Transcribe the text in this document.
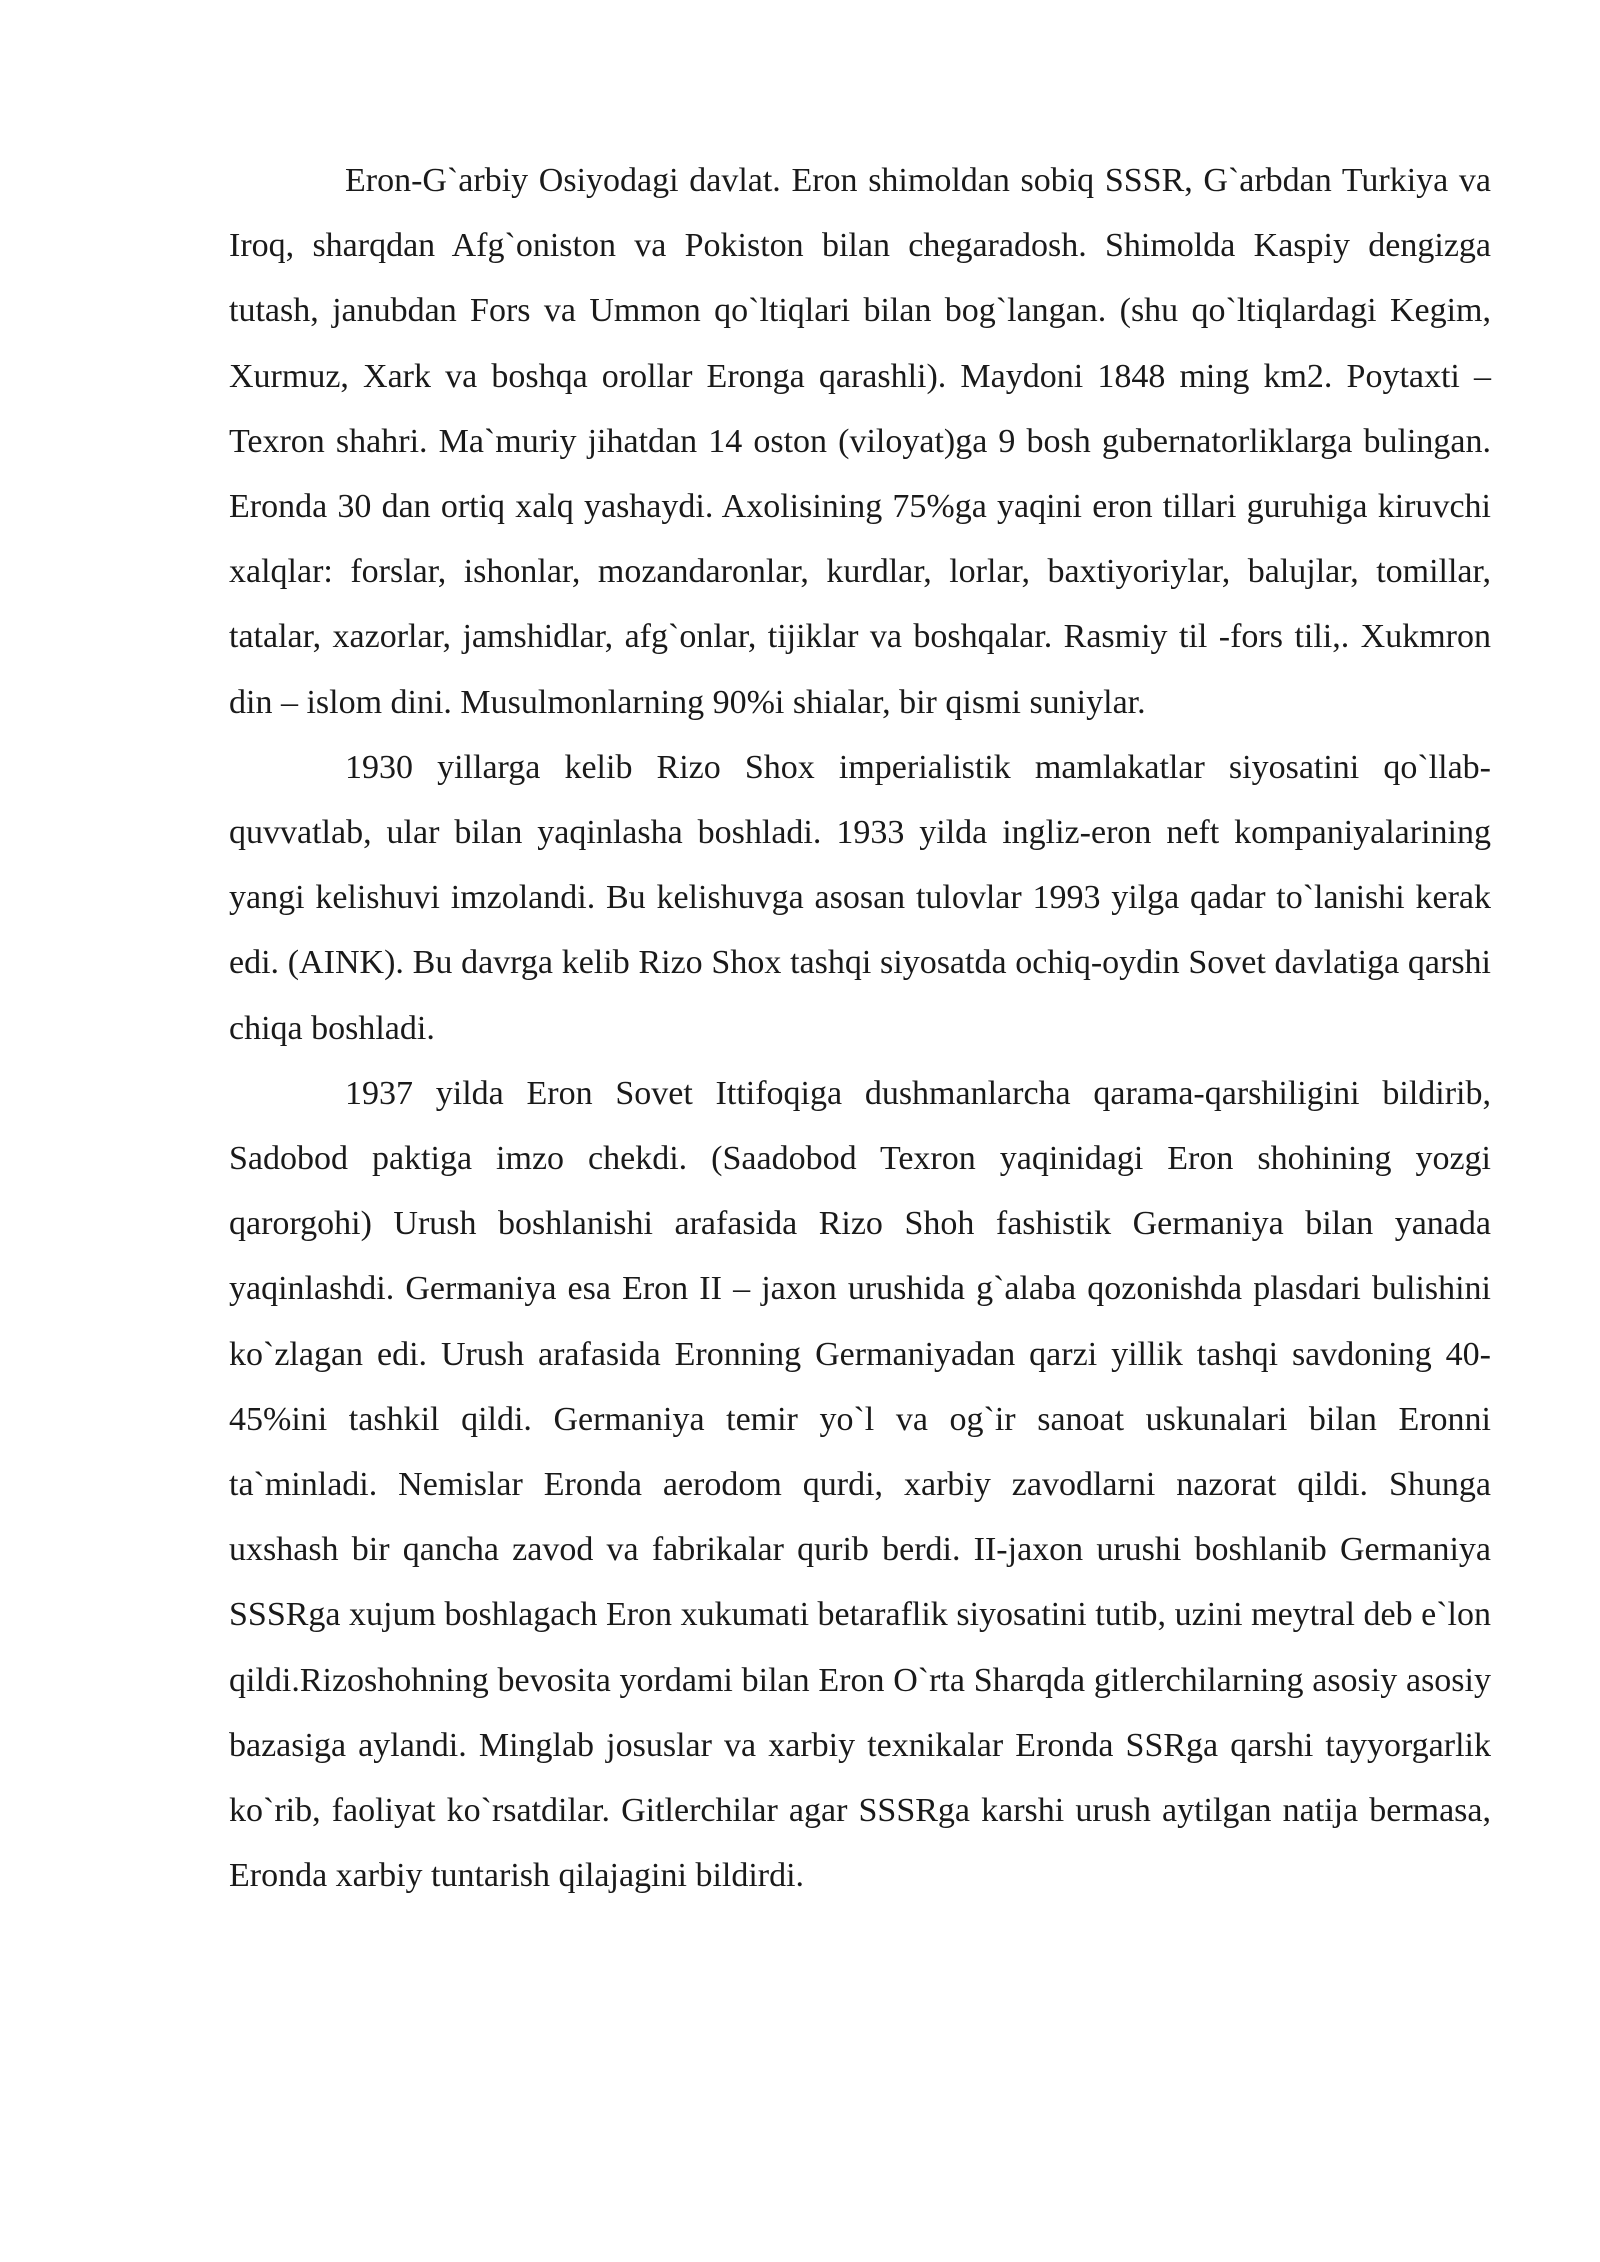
Eron-G`arbiy Osiyodagi davlat. Eron shimoldan sobiq SSSR, G`arbdan Turkiya va Iroq, sharqdan Afg`oniston va Pokiston bilan chegaradosh. Shimolda Kaspiy dengizga tutash, janubdan Fors va Ummon qo`ltiqlari bilan bog`langan. (shu qo`ltiqlardagi Kegim, Xurmuz, Xark va boshqa orollar Eronga qarashli). Maydoni 1848 ming km2. Poytaxti – Texron shahri. Ma`muriy jihatdan 14 oston (viloyat)ga 9 bosh gubernatorliklarga bulingan. Eronda 30 dan ortiq xalq yashaydi. Axolisining 75%ga yaqini eron tillari guruhiga kiruvchi xalqlar: forslar, ishonlar, mozandaronlar, kurdlar, lorlar, baxtiyoriylar, balujlar, tomillar, tatalar, xazorlar, jamshidlar, afg`onlar, tijiklar va boshqalar. Rasmiy til -fors tili,. Xukmron din – islom dini. Musulmonlarning 90%i shialar, bir qismi suniylar.

1930 yillarga kelib Rizo Shox imperialistik mamlakatlar siyosatini qo`llab-quvvatlab, ular bilan yaqinlasha boshladi. 1933 yilda ingliz-eron neft kompaniyalarining yangi kelishuvi imzolandi. Bu kelishuvga asosan tulovlar 1993 yilga qadar to`lanishi kerak edi. (AINK). Bu davrga kelib Rizo Shox tashqi siyosatda ochiq-oydin Sovet davlatiga qarshi chiqa boshladi.

1937 yilda Eron Sovet Ittifoqiga dushmanlarcha qarama-qarshiligini bildirib, Sadobod paktiga imzo chekdi. (Saadobod Texron yaqinidagi Eron shohining yozgi qarorgohi) Urush boshlanishi arafasida Rizo Shoh fashistik Germaniya bilan yanada yaqinlashdi. Germaniya esa Eron II – jaxon urushida g`alaba qozonishda plasdari bulishini ko`zlagan edi. Urush arafasida Eronning Germaniyadan qarzi yillik tashqi savdoning 40-45%ini tashkil qildi. Germaniya temir yo`l va og`ir sanoat uskunalari bilan Eronni ta`minladi. Nemislar Eronda aerodom qurdi, xarbiy zavodlarni nazorat qildi. Shunga uxshash bir qancha zavod va fabrikalar qurib berdi. II-jaxon urushi boshlanib Germaniya SSSRga xujum boshlagach Eron xukumati betaraflik siyosatini tutib, uzini meytral deb e`lon qildi.Rizoshohning bevosita yordami bilan Eron O`rta Sharqda gitlerchilarning asosiy asosiy bazasiga aylandi. Minglab josuslar va xarbiy texnikalar Eronda SSRga qarshi tayyorgarlik ko`rib, faoliyat ko`rsatdilar. Gitlerchilar agar SSSRga karshi urush aytilgan natija bermasa, Eronda xarbiy tuntarish qilajagini bildirdi.
